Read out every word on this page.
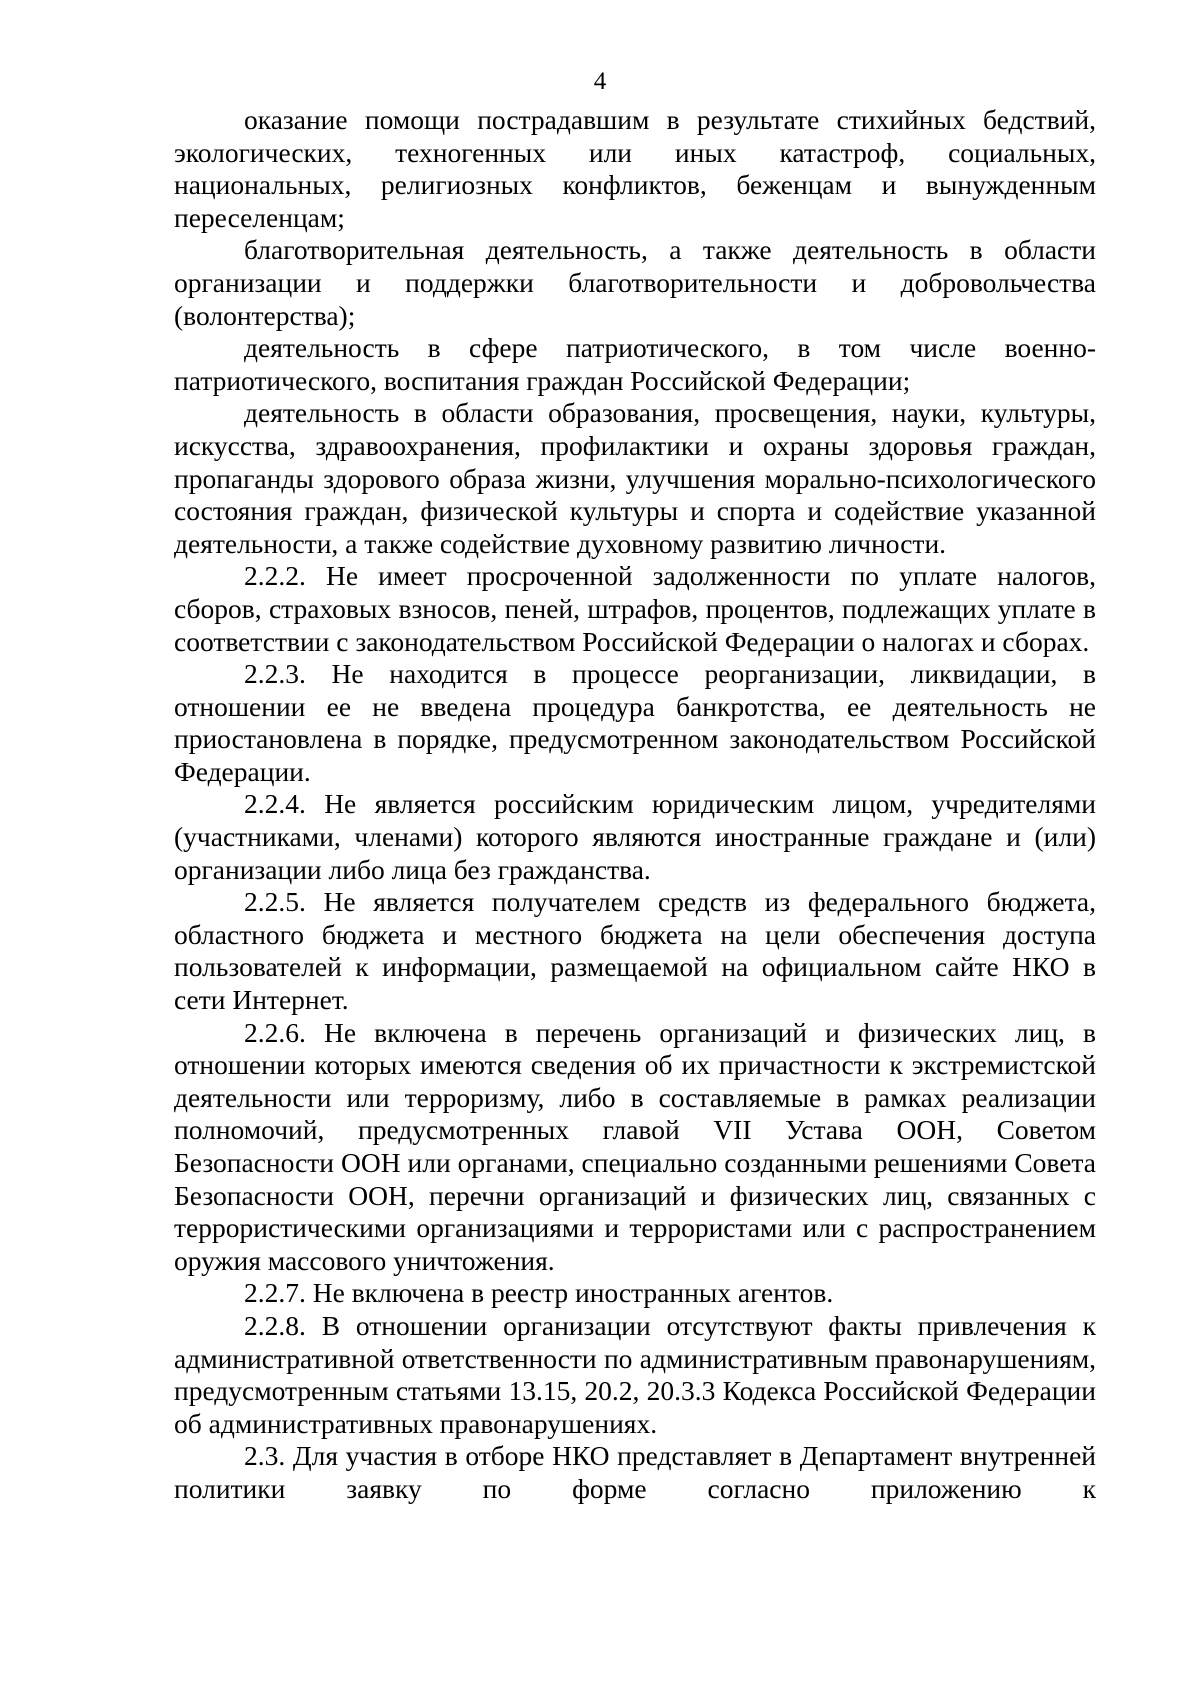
4

оказание помощи пострадавшим в результате стихийных бедствий, экологических, техногенных или иных катастроф, социальных, национальных, религиозных конфликтов, беженцам и вынужденным переселенцам;

благотворительная деятельность, а также деятельность в области организации и поддержки благотворительности и добровольчества (волонтерства);

деятельность в сфере патриотического, в том числе военно-патриотического, воспитания граждан Российской Федерации;

деятельность в области образования, просвещения, науки, культуры, искусства, здравоохранения, профилактики и охраны здоровья граждан, пропаганды здорового образа жизни, улучшения морально-психологического состояния граждан, физической культуры и спорта и содействие указанной деятельности, а также содействие духовному развитию личности.

2.2.2. Не имеет просроченной задолженности по уплате налогов, сборов, страховых взносов, пеней, штрафов, процентов, подлежащих уплате в соответствии с законодательством Российской Федерации о налогах и сборах.

2.2.3. Не находится в процессе реорганизации, ликвидации, в отношении ее не введена процедура банкротства, ее деятельность не приостановлена в порядке, предусмотренном законодательством Российской Федерации.

2.2.4. Не является российским юридическим лицом, учредителями (участниками, членами) которого являются иностранные граждане и (или) организации либо лица без гражданства.

2.2.5. Не является получателем средств из федерального бюджета, областного бюджета и местного бюджета на цели обеспечения доступа пользователей к информации, размещаемой на официальном сайте НКО в сети Интернет.

2.2.6. Не включена в перечень организаций и физических лиц, в отношении которых имеются сведения об их причастности к экстремистской деятельности или терроризму, либо в составляемые в рамках реализации полномочий, предусмотренных главой VII Устава ООН, Советом Безопасности ООН или органами, специально созданными решениями Совета Безопасности ООН, перечни организаций и физических лиц, связанных с террористическими организациями и террористами или с распространением оружия массового уничтожения.

2.2.7. Не включена в реестр иностранных агентов.

2.2.8. В отношении организации отсутствуют факты привлечения к административной ответственности по административным правонарушениям, предусмотренным статьями 13.15, 20.2, 20.3.3 Кодекса Российской Федерации об административных правонарушениях.

2.3. Для участия в отборе НКО представляет в Департамент внутренней политики заявку по форме согласно приложению к
